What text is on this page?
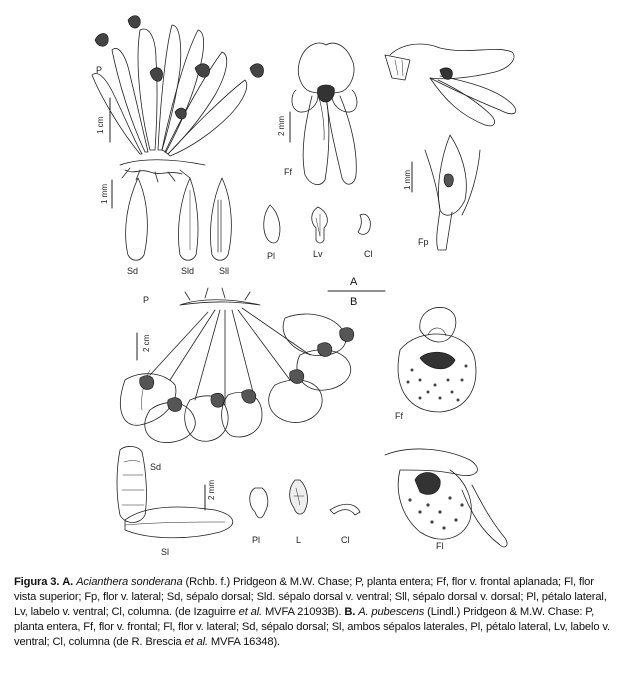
P
Ff
Fp
Sd	Sld	Sll
Pl	Lv	Cl
A
B
P
Ff
Sd
Sl
Pl	L	Cl
Fl
1 cm	2 mm
1 mm
1 mm
2 cm
2 mm
Figura 3. A. Acianthera sonderana (Rchb. f.) Pridgeon & M.W. Chase; P, planta entera; Ff, flor v. frontal aplanada; Fl, flor vista superior; Fp, flor v. lateral; Sd, sépalo dorsal; Sld. sépalo dorsal v. ventral; Sll, sépalo dorsal v. dorsal; Pl, pétalo lateral, Lv, labelo v. ventral; Cl, columna. (de Izaguirre et al. MVFA 21093B). B. A. pubescens (Lindl.) Pridgeon & M.W. Chase: P, planta entera, Ff, flor v. frontal; Fl, flor v. lateral; Sd, sépalo dorsal; Sl, ambos sépalos laterales, Pl, pétalo lateral, Lv, labelo v. ventral; Cl, columna (de R. Brescia et al. MVFA 16348).
